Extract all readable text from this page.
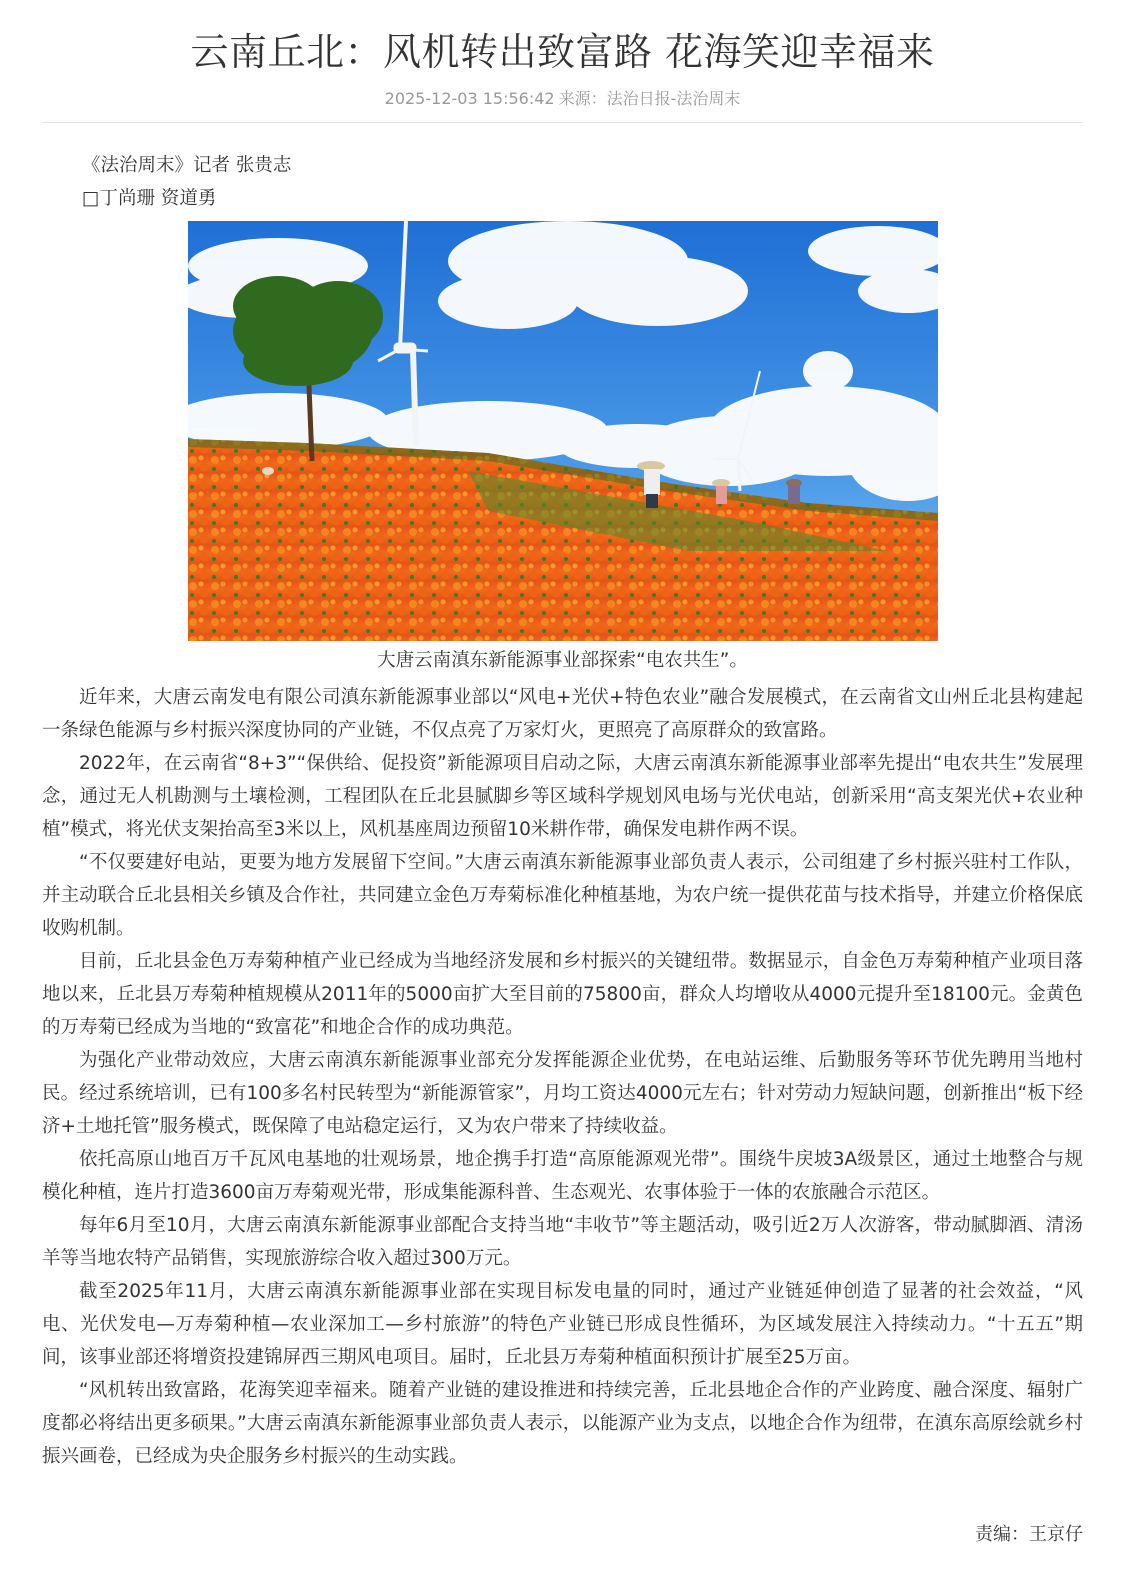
云南丘北：风机转出致富路 花海笑迎幸福来
2025-12-03 15:56:42 来源：法治日报-法治周末
《法治周末》记者 张贵志
□丁尚珊 资道勇
大唐云南滇东新能源事业部探索“电农共生”。

近年来，大唐云南发电有限公司滇东新能源事业部以“风电+光伏+特色农业”融合发展模式，在云南省文山州丘北县构建起一条绿色能源与乡村振兴深度协同的产业链，不仅点亮了万家灯火，更照亮了高原群众的致富路。

2022年，在云南省“8+3”“保供给、促投资”新能源项目启动之际，大唐云南滇东新能源事业部率先提出“电农共生”发展理念，通过无人机勘测与土壤检测，工程团队在丘北县腻脚乡等区域科学规划风电场与光伏电站，创新采用“高支架光伏+农业种植”模式，将光伏支架抬高至3米以上，风机基座周边预留10米耕作带，确保发电耕作两不误。

“不仅要建好电站，更要为地方发展留下空间。”大唐云南滇东新能源事业部负责人表示，公司组建了乡村振兴驻村工作队，并主动联合丘北县相关乡镇及合作社，共同建立金色万寿菊标准化种植基地，为农户统一提供花苗与技术指导，并建立价格保底收购机制。

目前，丘北县金色万寿菊种植产业已经成为当地经济发展和乡村振兴的关键纽带。数据显示，自金色万寿菊种植产业项目落地以来，丘北县万寿菊种植规模从2011年的5000亩扩大至目前的75800亩，群众人均增收从4000元提升至18100元。金黄色的万寿菊已经成为当地的“致富花”和地企合作的成功典范。

为强化产业带动效应，大唐云南滇东新能源事业部充分发挥能源企业优势，在电站运维、后勤服务等环节优先聘用当地村民。经过系统培训，已有100多名村民转型为“新能源管家”，月均工资达4000元左右；针对劳动力短缺问题，创新推出“板下经济+土地托管”服务模式，既保障了电站稳定运行，又为农户带来了持续收益。

依托高原山地百万千瓦风电基地的壮观场景，地企携手打造“高原能源观光带”。围绕牛戻坡3A级景区，通过土地整合与规模化种植，连片打造3600亩万寿菊观光带，形成集能源科普、生态观光、农事体验于一体的农旅融合示范区。

每年6月至10月，大唐云南滇东新能源事业部配合支持当地“丰收节”等主题活动，吸引近2万人次游客，带动腻脚酒、清汤羊等当地农特产品销售，实现旅游综合收入超过300万元。

截至2025年11月，大唐云南滇东新能源事业部在实现目标发电量的同时，通过产业链延伸创造了显著的社会效益，“风电、光伏发电—万寿菊种植—农业深加工—乡村旅游”的特色产业链已形成良性循环，为区域发展注入持续动力。“十五五”期间，该事业部还将增资投建锦屏西三期风电项目。届时，丘北县万寿菊种植面积预计扩展至25万亩。

“风机转出致富路，花海笑迎幸福来。随着产业链的建设推进和持续完善，丘北县地企合作的产业跨度、融合深度、辐射广度都必将结出更多硕果。”大唐云南滇东新能源事业部负责人表示，以能源产业为支点，以地企合作为纽带，在滇东高原绘就乡村振兴画卷，已经成为央企服务乡村振兴的生动实践。

责编：王京仔
